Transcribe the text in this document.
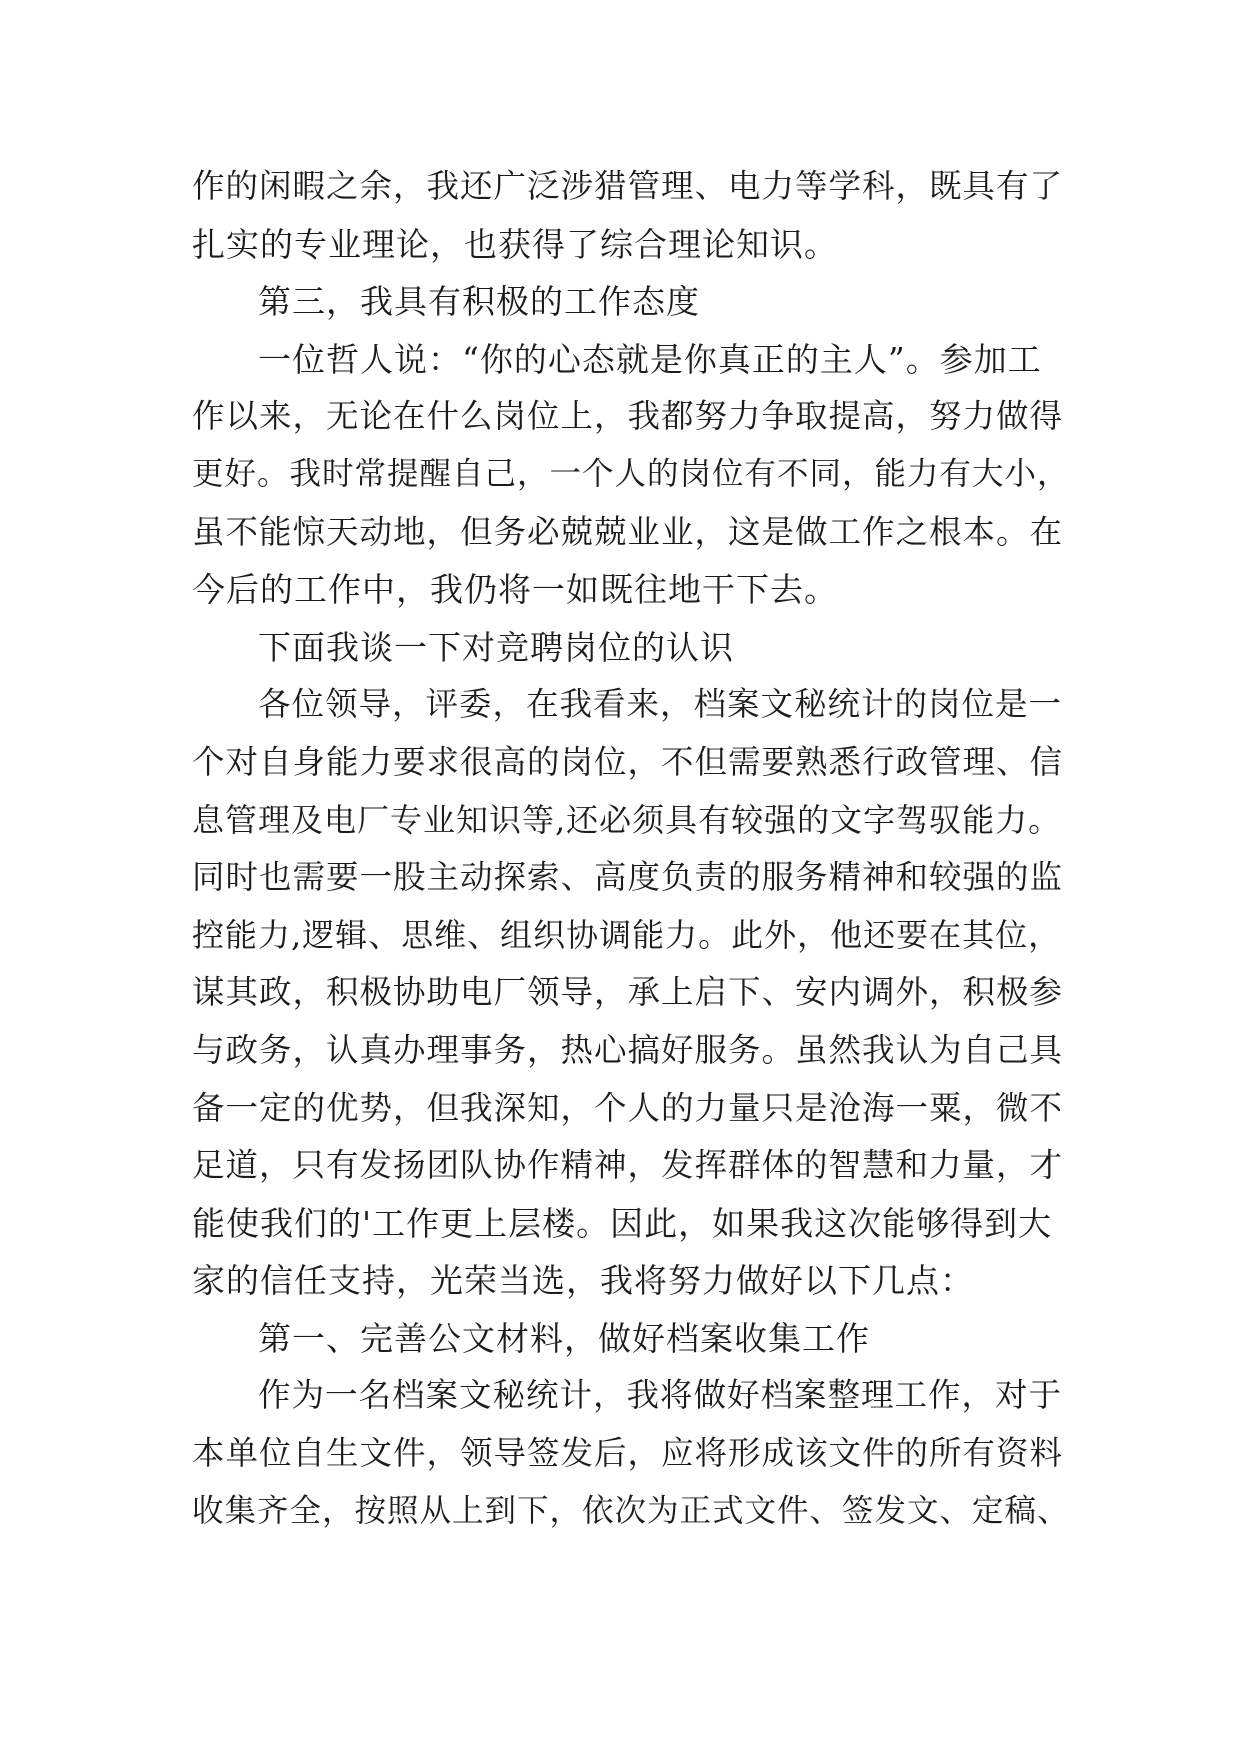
作的闲暇之余，我还广泛涉猎管理、电力等学科，既具有了
扎实的专业理论，也获得了综合理论知识。
第三，我具有积极的工作态度
一位哲人说：“你的心态就是你真正的主人”。参加工
作以来，无论在什么岗位上，我都努力争取提高，努力做得
更好。我时常提醒自己，一个人的岗位有不同，能力有大小，
虽不能惊天动地，但务必兢兢业业，这是做工作之根本。在
今后的工作中，我仍将一如既往地干下去。
下面我谈一下对竞聘岗位的认识
各位领导，评委，在我看来，档案文秘统计的岗位是一
个对自身能力要求很高的岗位，不但需要熟悉行政管理、信
息管理及电厂专业知识等,还必须具有较强的文字驾驭能力。
同时也需要一股主动探索、高度负责的服务精神和较强的监
控能力,逻辑、思维、组织协调能力。此外，他还要在其位，
谋其政，积极协助电厂领导，承上启下、安内调外，积极参
与政务，认真办理事务，热心搞好服务。虽然我认为自己具
备一定的优势，但我深知，个人的力量只是沧海一粟，微不
足道，只有发扬团队协作精神，发挥群体的智慧和力量，才
能使我们的'工作更上层楼。因此，如果我这次能够得到大
家的信任支持，光荣当选，我将努力做好以下几点：
第一、完善公文材料，做好档案收集工作
作为一名档案文秘统计，我将做好档案整理工作，对于
本单位自生文件，领导签发后，应将形成该文件的所有资料
收集齐全，按照从上到下，依次为正式文件、签发文、定稿、
